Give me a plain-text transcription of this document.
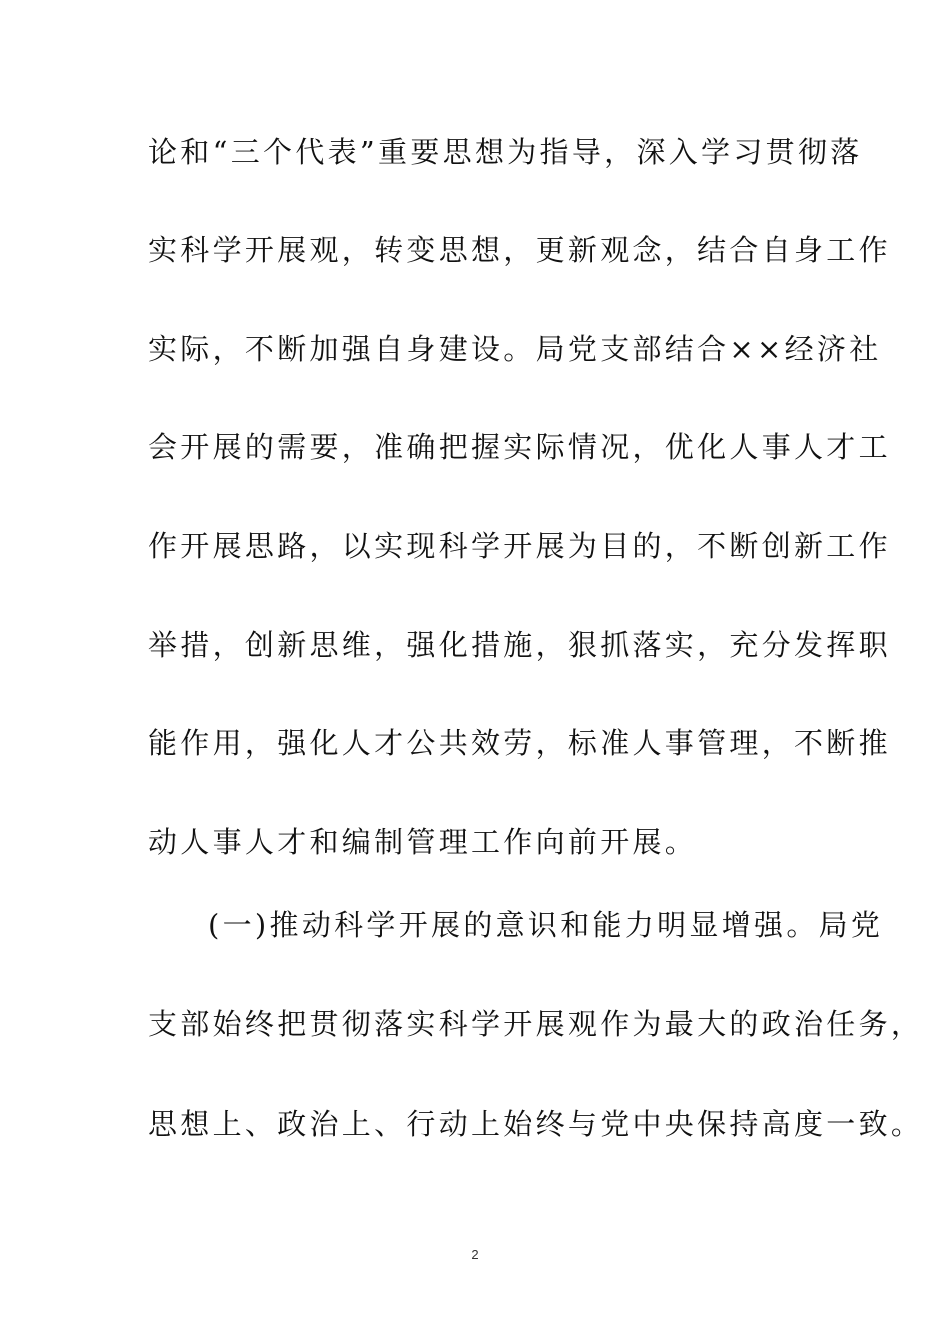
论和“三个代表”重要思想为指导，深入学习贯彻落
实科学开展观，转变思想，更新观念，结合自身工作
实际，不断加强自身建设。局党支部结合××经济社
会开展的需要，准确把握实际情况，优化人事人才工
作开展思路，以实现科学开展为目的，不断创新工作
举措，创新思维，强化措施，狠抓落实，充分发挥职
能作用，强化人才公共效劳，标准人事管理，不断推
动人事人才和编制管理工作向前开展。
(一)推动科学开展的意识和能力明显增强。局党
支部始终把贯彻落实科学开展观作为最大的政治任务，
思想上、政治上、行动上始终与党中央保持高度一致。
2
